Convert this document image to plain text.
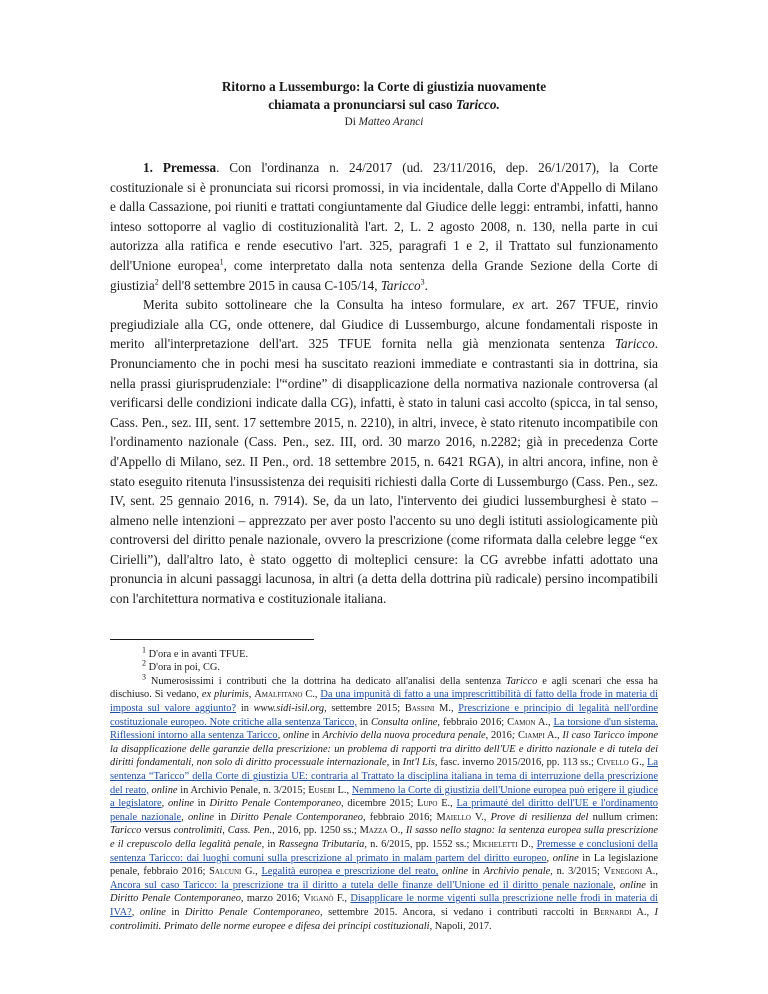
Ritorno a Lussemburgo: la Corte di giustizia nuovamente
chiamata a pronunciarsi sul caso Taricco.
Di Matteo Aranci

1. Premessa. Con l'ordinanza n. 24/2017 (ud. 23/11/2016, dep. 26/1/2017), la Corte costituzionale si è pronunciata sui ricorsi promossi, in via incidentale, dalla Corte d'Appello di Milano e dalla Cassazione, poi riuniti e trattati congiuntamente dal Giudice delle leggi: entrambi, infatti, hanno inteso sottoporre al vaglio di costituzionalità l'art. 2, L. 2 agosto 2008, n. 130, nella parte in cui autorizza alla ratifica e rende esecutivo l'art. 325, paragrafi 1 e 2, il Trattato sul funzionamento dell'Unione europea$^1$, come interpretato dalla nota sentenza della Grande Sezione della Corte di giustizia$^2$ dell'8 settembre 2015 in causa C-105/14, Taricco$^3$.

Merita subito sottolineare che la Consulta ha inteso formulare, ex art. 267 TFUE, rinvio pregiudiziale alla CG, onde ottenere, dal Giudice di Lussemburgo, alcune fondamentali risposte in merito all'interpretazione dell'art. 325 TFUE fornita nella già menzionata sentenza Taricco. Pronunciamento che in pochi mesi ha suscitato reazioni immediate e contrastanti sia in dottrina, sia nella prassi giurisprudenziale: l'“ordine” di disapplicazione della normativa nazionale controversa (al verificarsi delle condizioni indicate dalla CG), infatti, è stato in taluni casi accolto (spicca, in tal senso, Cass. Pen., sez. III, sent. 17 settembre 2015, n. 2210), in altri, invece, è stato ritenuto incompatibile con l'ordinamento nazionale (Cass. Pen., sez. III, ord. 30 marzo 2016, n.2282; già in precedenza Corte d'Appello di Milano, sez. II Pen., ord. 18 settembre 2015, n. 6421 RGA), in altri ancora, infine, non è stato eseguito ritenuta l'insussistenza dei requisiti richiesti dalla Corte di Lussemburgo (Cass. Pen., sez. IV, sent. 25 gennaio 2016, n. 7914). Se, da un lato, l'intervento dei giudici lussemburghesi è stato – almeno nelle intenzioni – apprezzato per aver posto l'accento su uno degli istituti assiologicamente più controversi del diritto penale nazionale, ovvero la prescrizione (come riformata dalla celebre legge “ex Cirielli”), dall'altro lato, è stato oggetto di molteplici censure: la CG avrebbe infatti adottato una pronuncia in alcuni passaggi lacunosa, in altri (a detta della dottrina più radicale) persino incompatibili con l'architettura normativa e costituzionale italiana.

$^1$ D'ora e in avanti TFUE.

$^2$ D'ora in poi, CG.

$^3$ Numerosissimi i contributi che la dottrina ha dedicato all'analisi della sentenza Taricco e agli scenari che essa ha dischiuso. Si vedano, ex plurimis, Amalfitano C., Da una impunità di fatto a una imprescrittibilità di fatto della frode in materia di imposta sul valore aggiunto? in www.sidi-isil.org, settembre 2015; Bassini M., Prescrizione e principio di legalità nell'ordine costituzionale europeo. Note critiche alla sentenza Taricco, in Consulta online, febbraio 2016; Camon A., La torsione d'un sistema. Riflessioni intorno alla sentenza Taricco, online in Archivio della nuova procedura penale, 2016; Ciampi A., Il caso Taricco impone la disapplicazione delle garanzie della prescrizione: un problema di rapporti tra diritto dell'UE e diritto nazionale e di tutela dei diritti fondamentali, non solo di diritto processuale internazionale, in Int'l Lis, fasc. inverno 2015/2016, pp. 113 ss.; Civello G., La sentenza “Taricco” della Corte di giustizia UE: contraria al Trattato la disciplina italiana in tema di interruzione della prescrizione del reato, online in Archivio Penale, n. 3/2015; Eusebi L., Nemmeno la Corte di giustizia dell'Unione europea può erigere il giudice a legislatore, online in Diritto Penale Contemporaneo, dicembre 2015; Lupo E., La primauté del diritto dell'UE e l'ordinamento penale nazionale, online in Diritto Penale Contemporaneo, febbraio 2016; Maiello V., Prove di resilienza del nullum crimen: Taricco versus controlimiti, Cass. Pen., 2016, pp. 1250 ss.; Mazza O., Il sasso nello stagno: la sentenza europea sulla prescrizione e il crepuscolo della legalità penale, in Rassegna Tributaria, n. 6/2015, pp. 1552 ss.; Micheletti D., Premesse e conclusioni della sentenza Taricco: dai luoghi comuni sulla prescrizione al primato in malam partem del diritto europeo, online in La legislazione penale, febbraio 2016; Salcuni G., Legalità europea e prescrizione del reato, online in Archivio penale, n. 3/2015; Venegoni A., Ancora sul caso Taricco: la prescrizione tra il diritto a tutela delle finanze dell'Unione ed il diritto penale nazionale, online in Diritto Penale Contemporaneo, marzo 2016; Viganò F., Disapplicare le norme vigenti sulla prescrizione nelle frodi in materia di IVA?, online in Diritto Penale Contemporaneo, settembre 2015. Ancora, si vedano i contributi raccolti in Bernardi A., I controlimiti. Primato delle norme europee e difesa dei principi costituzionali, Napoli, 2017.
